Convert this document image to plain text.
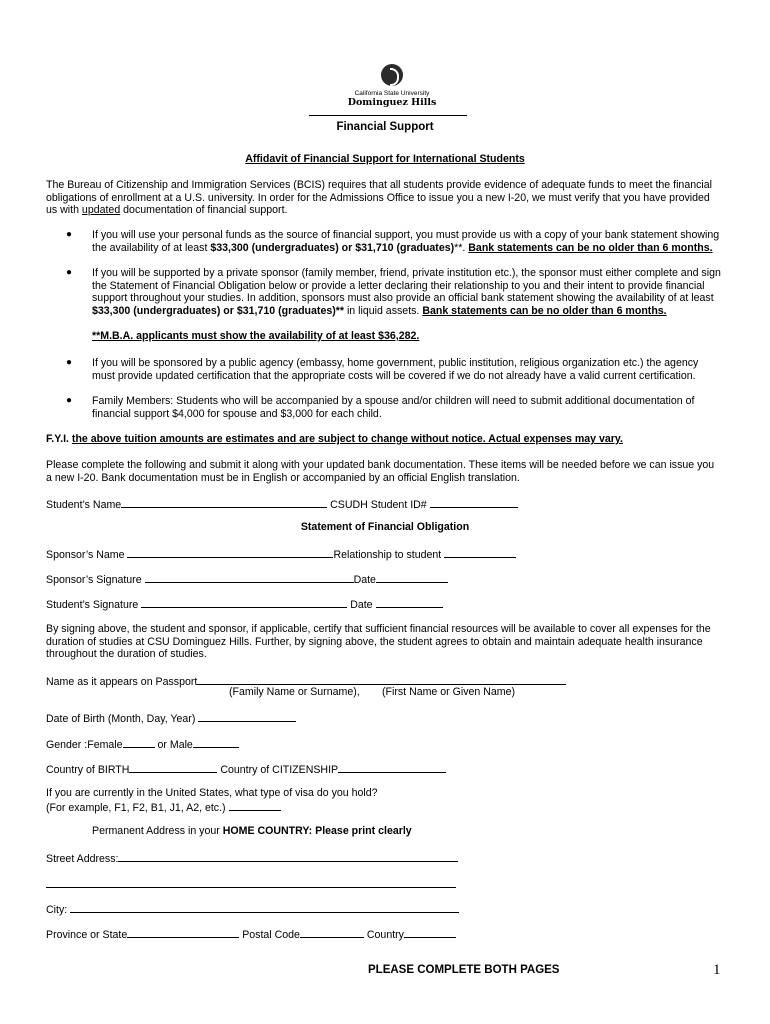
California State University
Dominguez Hills
Financial Support
Affidavit of Financial Support for International Students

The Bureau of Citizenship and Immigration Services (BCIS) requires that all students provide evidence of adequate funds to meet the financial obligations of enrollment at a U.S. university. In order for the Admissions Office to issue you a new I-20, we must verify that you have provided us with updated documentation of financial support.

● If you will use your personal funds as the source of financial support, you must provide us with a copy of your bank statement showing the availability of at least $33,300 (undergraduates) or $31,710 (graduates)**. Bank statements can be no older than 6 months.

● If you will be supported by a private sponsor (family member, friend, private institution etc.), the sponsor must either complete and sign the Statement of Financial Obligation below or provide a letter declaring their relationship to you and their intent to provide financial support throughout your studies. In addition, sponsors must also provide an official bank statement showing the availability of at least $33,300 (undergraduates) or $31,710 (graduates)** in liquid assets. Bank statements can be no older than 6 months.

**M.B.A. applicants must show the availability of at least $36,282.

● If you will be sponsored by a public agency (embassy, home government, public institution, religious organization etc.) the agency must provide updated certification that the appropriate costs will be covered if we do not already have a valid current certification.

● Family Members: Students who will be accompanied by a spouse and/or children will need to submit additional documentation of financial support $4,000 for spouse and $3,000 for each child.

F.Y.I. the above tuition amounts are estimates and are subject to change without notice. Actual expenses may vary.

Please complete the following and submit it along with your updated bank documentation. These items will be needed before we can issue you a new I-20. Bank documentation must be in English or accompanied by an official English translation.

Student’s Name	CSUDH Student ID#
Statement of Financial Obligation
Sponsor’s Name	Relationship to student
Sponsor’s Signature	Date
Student’s Signature	Date

By signing above, the student and sponsor, if applicable, certify that sufficient financial resources will be available to cover all expenses for the duration of studies at CSU Dominguez Hills. Further, by signing above, the student agrees to obtain and maintain adequate health insurance throughout the duration of studies.

Name as it appears on Passport
(Family Name or Surname), (First Name or Given Name)
Date of Birth (Month, Day, Year)
Gender :Female	or Male
Country of BIRTH	Country of CITIZENSHIP
If you are currently in the United States, what type of visa do you hold?
(For example, F1, F2, B1, J1, A2, etc.)
Permanent Address in your HOME COUNTRY: Please print clearly
Street Address:
City:
Province or State	Postal Code	Country
PLEASE COMPLETE BOTH PAGES	1
